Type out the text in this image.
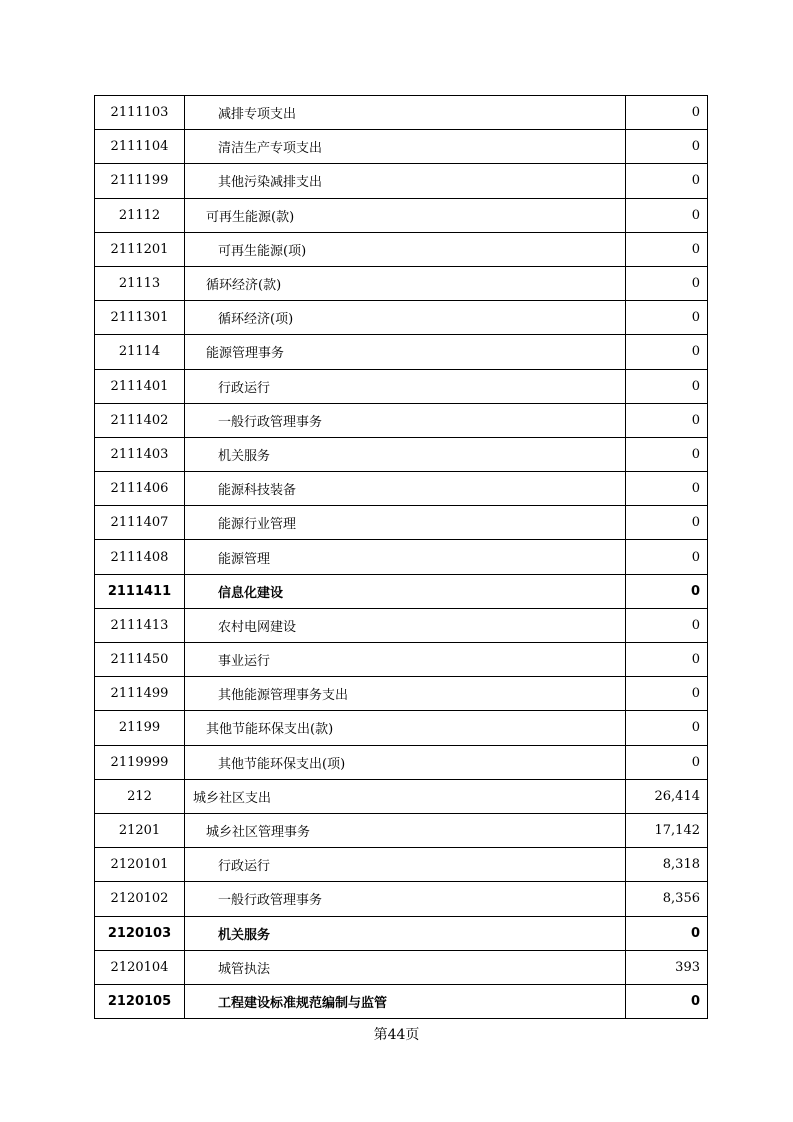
2111103	减排专项支出	0
2111104	清洁生产专项支出	0
2111199	其他污染减排支出	0
21112	可再生能源(款)	0
2111201	可再生能源(项)	0
21113	循环经济(款)	0
2111301	循环经济(项)	0
21114	能源管理事务	0
2111401	行政运行	0
2111402	一般行政管理事务	0
2111403	机关服务	0
2111406	能源科技装备	0
2111407	能源行业管理	0
2111408	能源管理	0
2111411	信息化建设	0
2111413	农村电网建设	0
2111450	事业运行	0
2111499	其他能源管理事务支出	0
21199	其他节能环保支出(款)	0
2119999	其他节能环保支出(项)	0
212	城乡社区支出	26,414
21201	城乡社区管理事务	17,142
2120101	行政运行	8,318
2120102	一般行政管理事务	8,356
2120103	机关服务	0
2120104	城管执法	393
2120105	工程建设标准规范编制与监管	0
第44页
